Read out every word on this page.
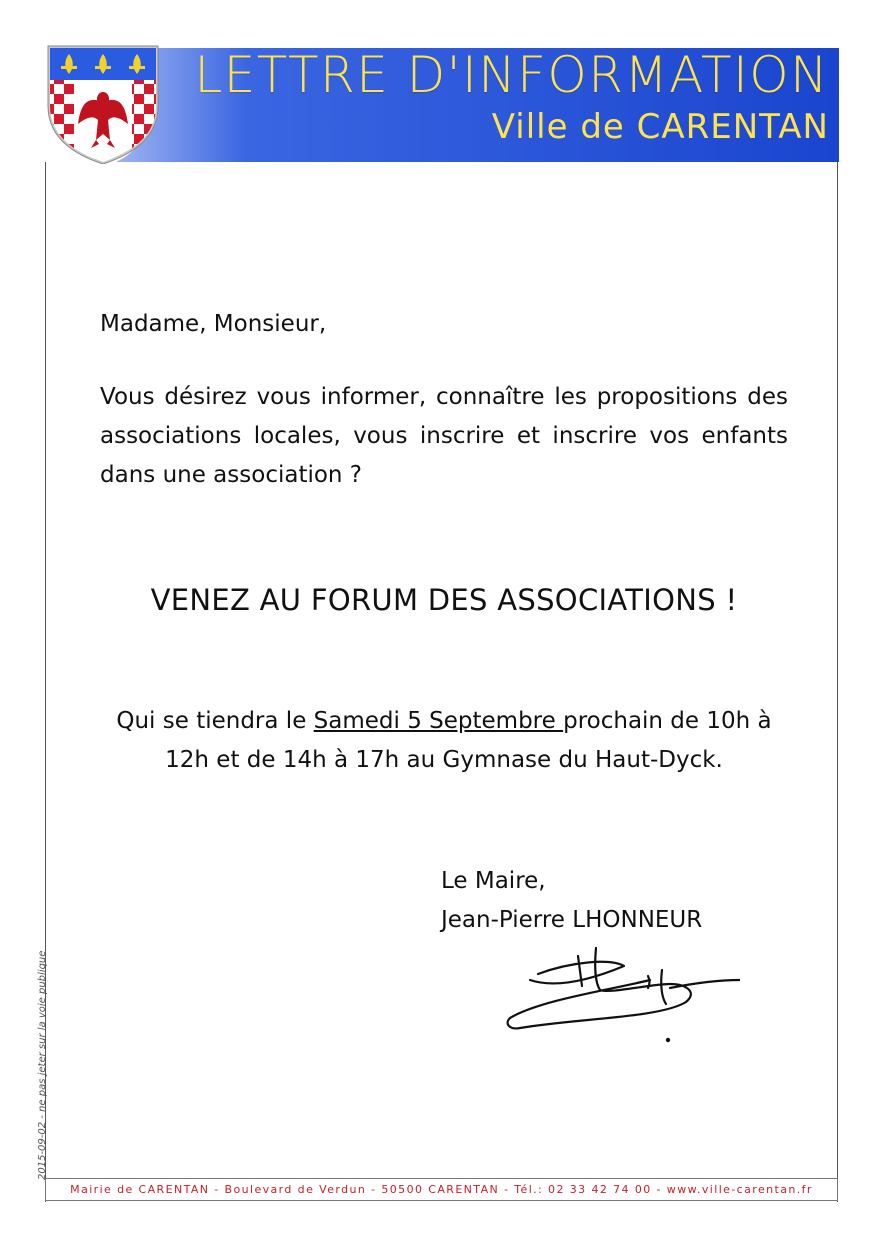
LETTRE D'INFORMATION
Ville de CARENTAN

Madame, Monsieur,

Vous désirez vous informer, connaître les propositions des associations locales, vous inscrire et inscrire vos enfants dans une association ?

VENEZ AU FORUM DES ASSOCIATIONS !

Qui se tiendra le Samedi 5 Septembre prochain de 10h à 12h et de 14h à 17h au Gymnase du Haut-Dyck.

Le Maire,

Jean-Pierre LHONNEUR

Mairie de CARENTAN - Boulevard de Verdun - 50500 CARENTAN - Tél.: 02 33 42 74 00 - www.ville-carentan.fr
2015-09-02 - ne pas jeter sur la voie publique
